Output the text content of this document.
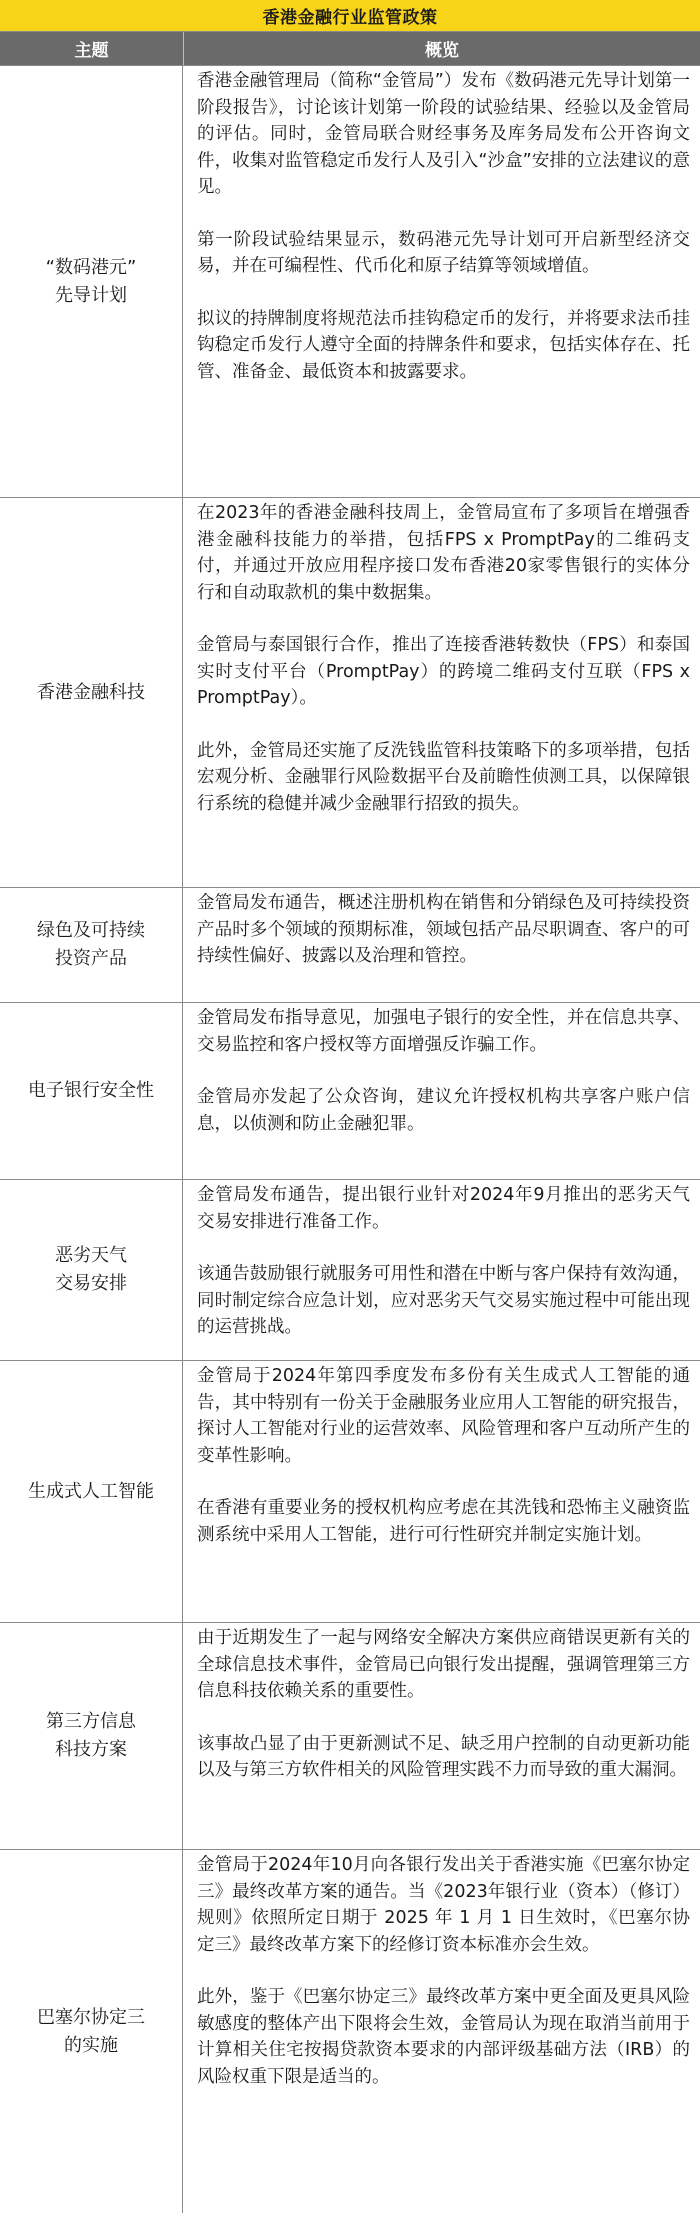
香港金融行业监管政策
主题	概览
“数码港元”
先导计划

香港金融管理局（简称“金管局”）发布《数码港元先导计划第一阶段报告》，讨论该计划第一阶段的试验结果、经验以及金管局的评估。同时，金管局联合财经事务及库务局发布公开咨询文件，收集对监管稳定币发行人及引入“沙盒”安排的立法建议的意见。

第一阶段试验结果显示，数码港元先导计划可开启新型经济交易，并在可编程性、代币化和原子结算等领域增值。

拟议的持牌制度将规范法币挂钩稳定币的发行，并将要求法币挂钩稳定币发行人遵守全面的持牌条件和要求，包括实体存在、托管、准备金、最低资本和披露要求。

香港金融科技

在2023年的香港金融科技周上，金管局宣布了多项旨在增强香港金融科技能力的举措，包括FPS x PromptPay的二维码支付，并通过开放应用程序接口发布香港20家零售银行的实体分行和自动取款机的集中数据集。

金管局与泰国银行合作，推出了连接香港转数快（FPS）和泰国实时支付平台（PromptPay）的跨境二维码支付互联（FPS x PromptPay）。

此外，金管局还实施了反洗钱监管科技策略下的多项举措，包括宏观分析、金融罪行风险数据平台及前瞻性侦测工具，以保障银行系统的稳健并减少金融罪行招致的损失。

绿色及可持续
投资产品

金管局发布通告，概述注册机构在销售和分销绿色及可持续投资产品时多个领域的预期标准，领域包括产品尽职调查、客户的可持续性偏好、披露以及治理和管控。

电子银行安全性

金管局发布指导意见，加强电子银行的安全性，并在信息共享、交易监控和客户授权等方面增强反诈骗工作。

金管局亦发起了公众咨询，建议允许授权机构共享客户账户信息，以侦测和防止金融犯罪。

恶劣天气
交易安排

金管局发布通告，提出银行业针对2024年9月推出的恶劣天气交易安排进行准备工作。

该通告鼓励银行就服务可用性和潜在中断与客户保持有效沟通，同时制定综合应急计划，应对恶劣天气交易实施过程中可能出现的运营挑战。

生成式人工智能

金管局于2024年第四季度发布多份有关生成式人工智能的通告，其中特别有一份关于金融服务业应用人工智能的研究报告，探讨人工智能对行业的运营效率、风险管理和客户互动所产生的变革性影响。

在香港有重要业务的授权机构应考虑在其洗钱和恐怖主义融资监测系统中采用人工智能，进行可行性研究并制定实施计划。

第三方信息
科技方案

由于近期发生了一起与网络安全解决方案供应商错误更新有关的全球信息技术事件，金管局已向银行发出提醒，强调管理第三方信息科技依赖关系的重要性。

该事故凸显了由于更新测试不足、缺乏用户控制的自动更新功能以及与第三方软件相关的风险管理实践不力而导致的重大漏洞。

巴塞尔协定三
的实施

金管局于2024年10月向各银行发出关于香港实施《巴塞尔协定三》最终改革方案的通告。当《2023年银行业（资本）（修订）规则》依照所定日期于 2025 年 1 月 1 日生效时，《巴塞尔协定三》最终改革方案下的经修订资本标准亦会生效。

此外，鉴于《巴塞尔协定三》最终改革方案中更全面及更具风险敏感度的整体产出下限将会生效，金管局认为现在取消当前用于计算相关住宅按揭贷款资本要求的内部评级基础方法（IRB）的风险权重下限是适当的。
